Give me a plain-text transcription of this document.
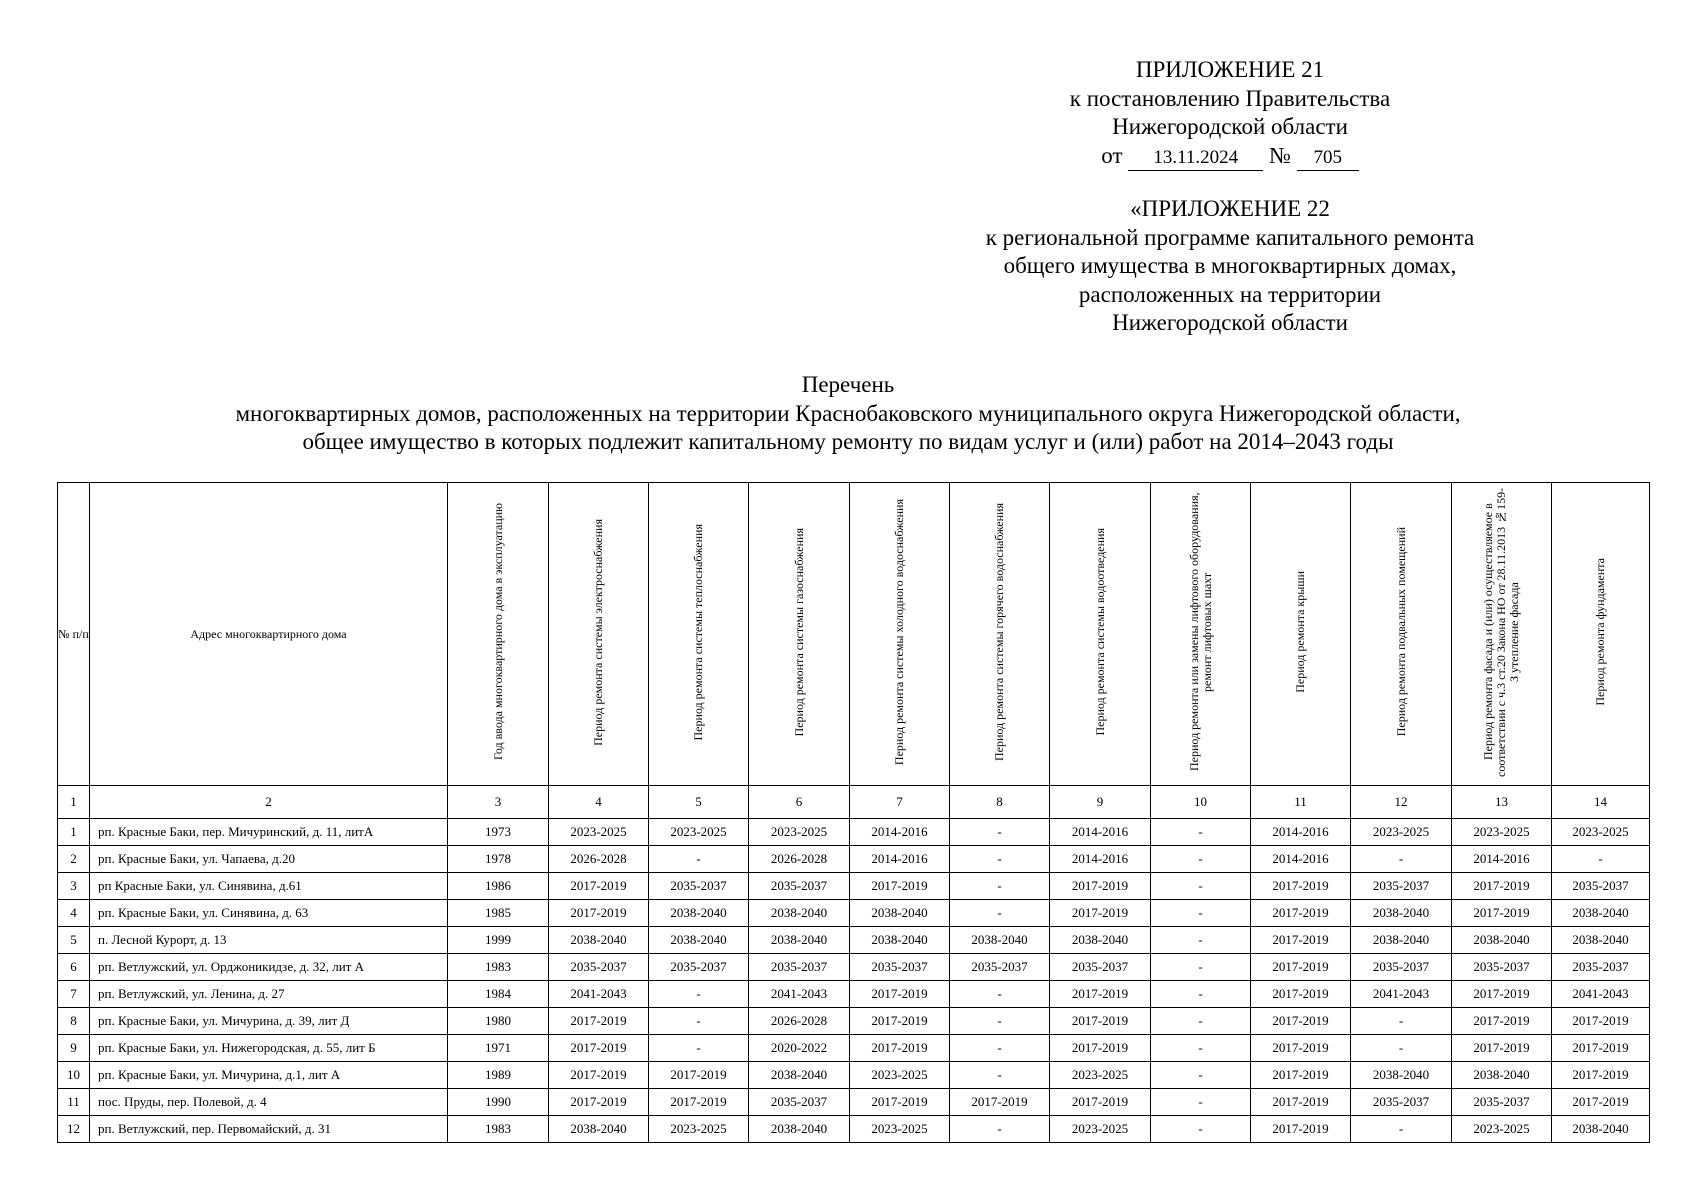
ПРИЛОЖЕНИЕ 21
к постановлению Правительства
Нижегородской области
от 13.11.2024 № 705
«ПРИЛОЖЕНИЕ 22
к региональной программе капитального ремонта
общего имущества в многоквартирных домах,
расположенных на территории
Нижегородской области
Перечень
многоквартирных домов, расположенных на территории Краснобаковского муниципального округа Нижегородской области,
общее имущество в которых подлежит капитальному ремонту по видам услуг и (или) работ на 2014–2043 годы
№ п/п	Адрес многоквартирного дома	Год ввода многоквартирного дома в эксплуатацию	Период ремонта системы электроснабжения	Период ремонта системы теплоснабжения	Период ремонта системы газоснабжения	Период ремонта системы холодного водоснабжения	Период ремонта системы горячего водоснабжения	Период ремонта системы водоотведения	Период ремонта или замены лифтового оборудования, ремонт лифтовых шахт	Период ремонта крыши	Период ремонта подвальных помещений	Период ремонта фасада и (или) осуществляемое в соответствии с ч.3 ст.20 Закона НО от 28.11.2013 №159-З утепление фасада	Период ремонта фундамента
1	2	3	4	5	6	7	8	9	10	11	12	13	14
1	рп. Красные Баки, пер. Мичуринский, д. 11, литА	1973	2023-2025	2023-2025	2023-2025	2014-2016	-	2014-2016	-	2014-2016	2023-2025	2023-2025	2023-2025
2	рп. Красные Баки, ул. Чапаева, д.20	1978	2026-2028	-	2026-2028	2014-2016	-	2014-2016	-	2014-2016	-	2014-2016	-
3	рп Красные Баки, ул. Синявина, д.61	1986	2017-2019	2035-2037	2035-2037	2017-2019	-	2017-2019	-	2017-2019	2035-2037	2017-2019	2035-2037
4	рп. Красные Баки, ул. Синявина, д. 63	1985	2017-2019	2038-2040	2038-2040	2038-2040	-	2017-2019	-	2017-2019	2038-2040	2017-2019	2038-2040
5	п. Лесной Курорт, д. 13	1999	2038-2040	2038-2040	2038-2040	2038-2040	2038-2040	2038-2040	-	2017-2019	2038-2040	2038-2040	2038-2040
6	рп. Ветлужский, ул. Орджоникидзе, д. 32, лит А	1983	2035-2037	2035-2037	2035-2037	2035-2037	2035-2037	2035-2037	-	2017-2019	2035-2037	2035-2037	2035-2037
7	рп. Ветлужский, ул. Ленина, д. 27	1984	2041-2043	-	2041-2043	2017-2019	-	2017-2019	-	2017-2019	2041-2043	2017-2019	2041-2043
8	рп. Красные Баки, ул. Мичурина, д. 39, лит Д	1980	2017-2019	-	2026-2028	2017-2019	-	2017-2019	-	2017-2019	-	2017-2019	2017-2019
9	рп. Красные Баки, ул. Нижегородская, д. 55, лит Б	1971	2017-2019	-	2020-2022	2017-2019	-	2017-2019	-	2017-2019	-	2017-2019	2017-2019
10	рп. Красные Баки, ул. Мичурина, д.1, лит А	1989	2017-2019	2017-2019	2038-2040	2023-2025	-	2023-2025	-	2017-2019	2038-2040	2038-2040	2017-2019
11	пос. Пруды, пер. Полевой, д. 4	1990	2017-2019	2017-2019	2035-2037	2017-2019	2017-2019	2017-2019	-	2017-2019	2035-2037	2035-2037	2017-2019
12	рп. Ветлужский, пер. Первомайский, д. 31	1983	2038-2040	2023-2025	2038-2040	2023-2025	-	2023-2025	-	2017-2019	-	2023-2025	2038-2040
